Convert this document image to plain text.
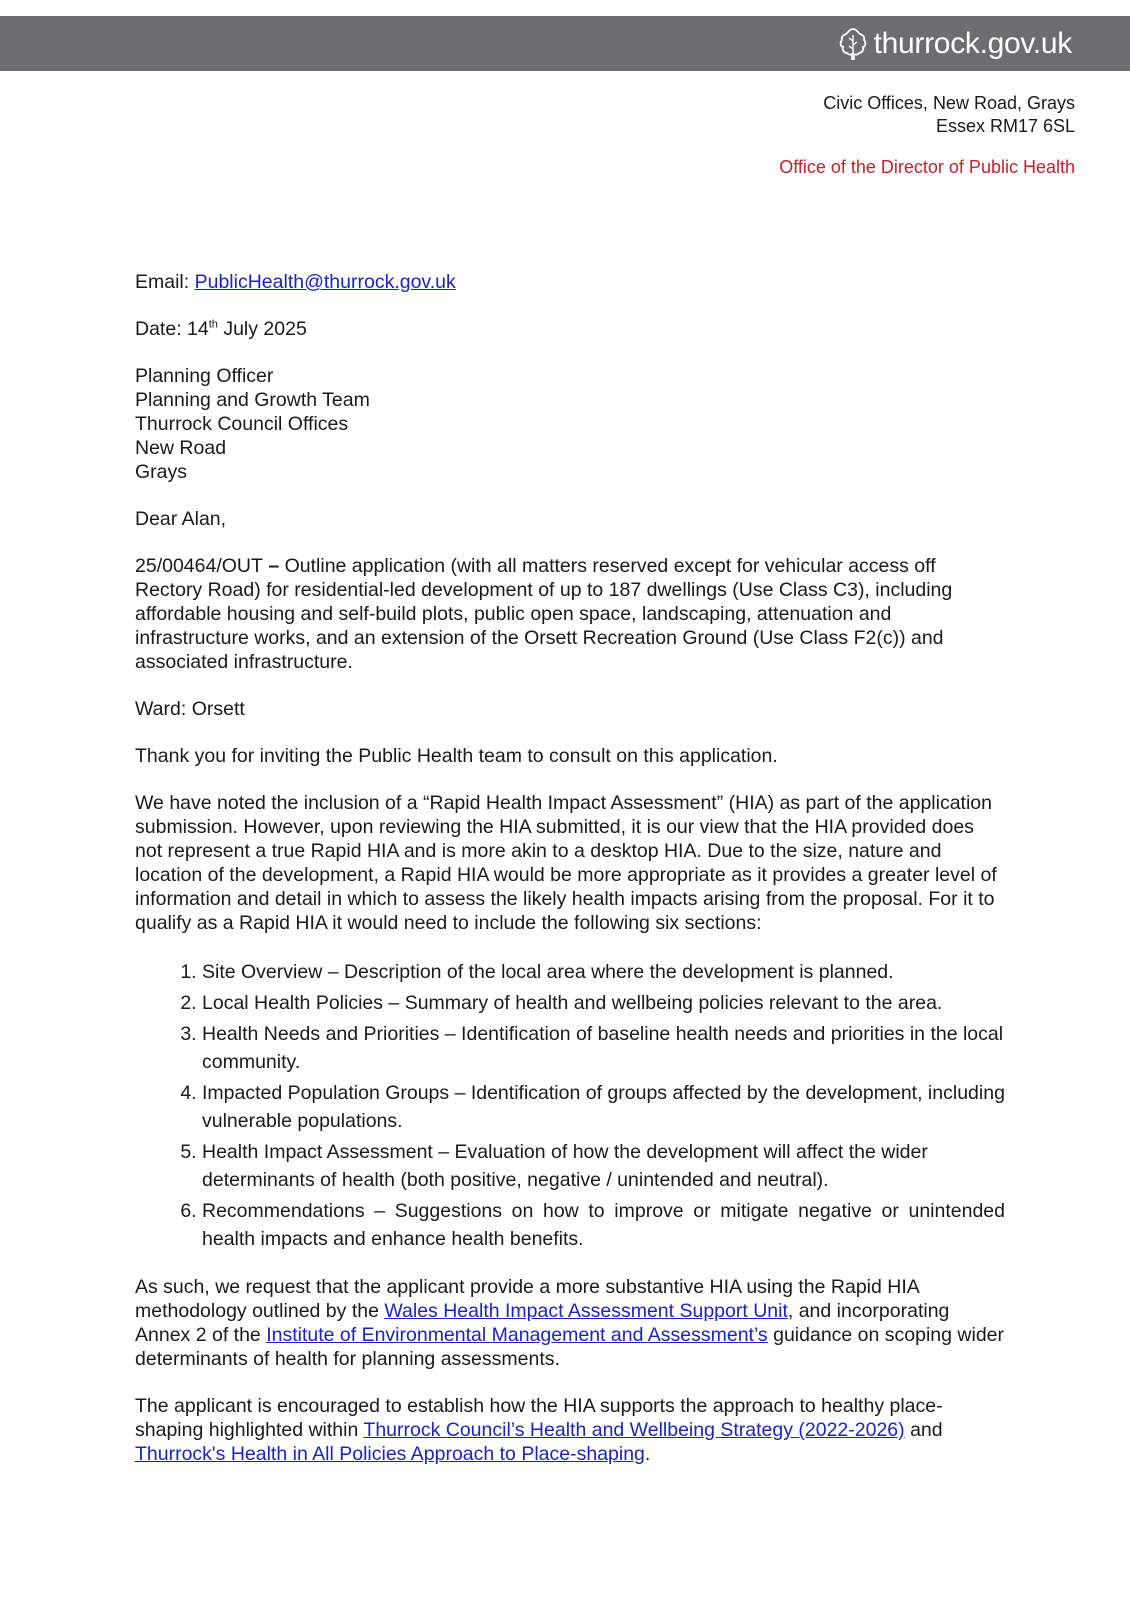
thurrock.gov.uk
Civic Offices, New Road, Grays
Essex RM17 6SL
Office of the Director of Public Health

Email: PublicHealth@thurrock.gov.uk

Date: 14th July 2025

Planning Officer
Planning and Growth Team
Thurrock Council Offices
New Road
Grays

Dear Alan,

25/00464/OUT – Outline application (with all matters reserved except for vehicular access off Rectory Road) for residential-led development of up to 187 dwellings (Use Class C3), including affordable housing and self-build plots, public open space, landscaping, attenuation and infrastructure works, and an extension of the Orsett Recreation Ground (Use Class F2(c)) and associated infrastructure.

Ward: Orsett

Thank you for inviting the Public Health team to consult on this application.

We have noted the inclusion of a “Rapid Health Impact Assessment” (HIA) as part of the application submission. However, upon reviewing the HIA submitted, it is our view that the HIA provided does not represent a true Rapid HIA and is more akin to a desktop HIA. Due to the size, nature and location of the development, a Rapid HIA would be more appropriate as it provides a greater level of information and detail in which to assess the likely health impacts arising from the proposal. For it to qualify as a Rapid HIA it would need to include the following six sections:

1. Site Overview – Description of the local area where the development is planned.
2. Local Health Policies – Summary of health and wellbeing policies relevant to the area.
3. Health Needs and Priorities – Identification of baseline health needs and priorities in the local community.
4. Impacted Population Groups – Identification of groups affected by the development, including vulnerable populations.
5. Health Impact Assessment – Evaluation of how the development will affect the wider determinants of health (both positive, negative / unintended and neutral).
6. Recommendations – Suggestions on how to improve or mitigate negative or unintended health impacts and enhance health benefits.

As such, we request that the applicant provide a more substantive HIA using the Rapid HIA methodology outlined by the Wales Health Impact Assessment Support Unit, and incorporating Annex 2 of the Institute of Environmental Management and Assessment’s guidance on scoping wider determinants of health for planning assessments.

The applicant is encouraged to establish how the HIA supports the approach to healthy place-shaping highlighted within Thurrock Council’s Health and Wellbeing Strategy (2022-2026) and Thurrock's Health in All Policies Approach to Place-shaping.
